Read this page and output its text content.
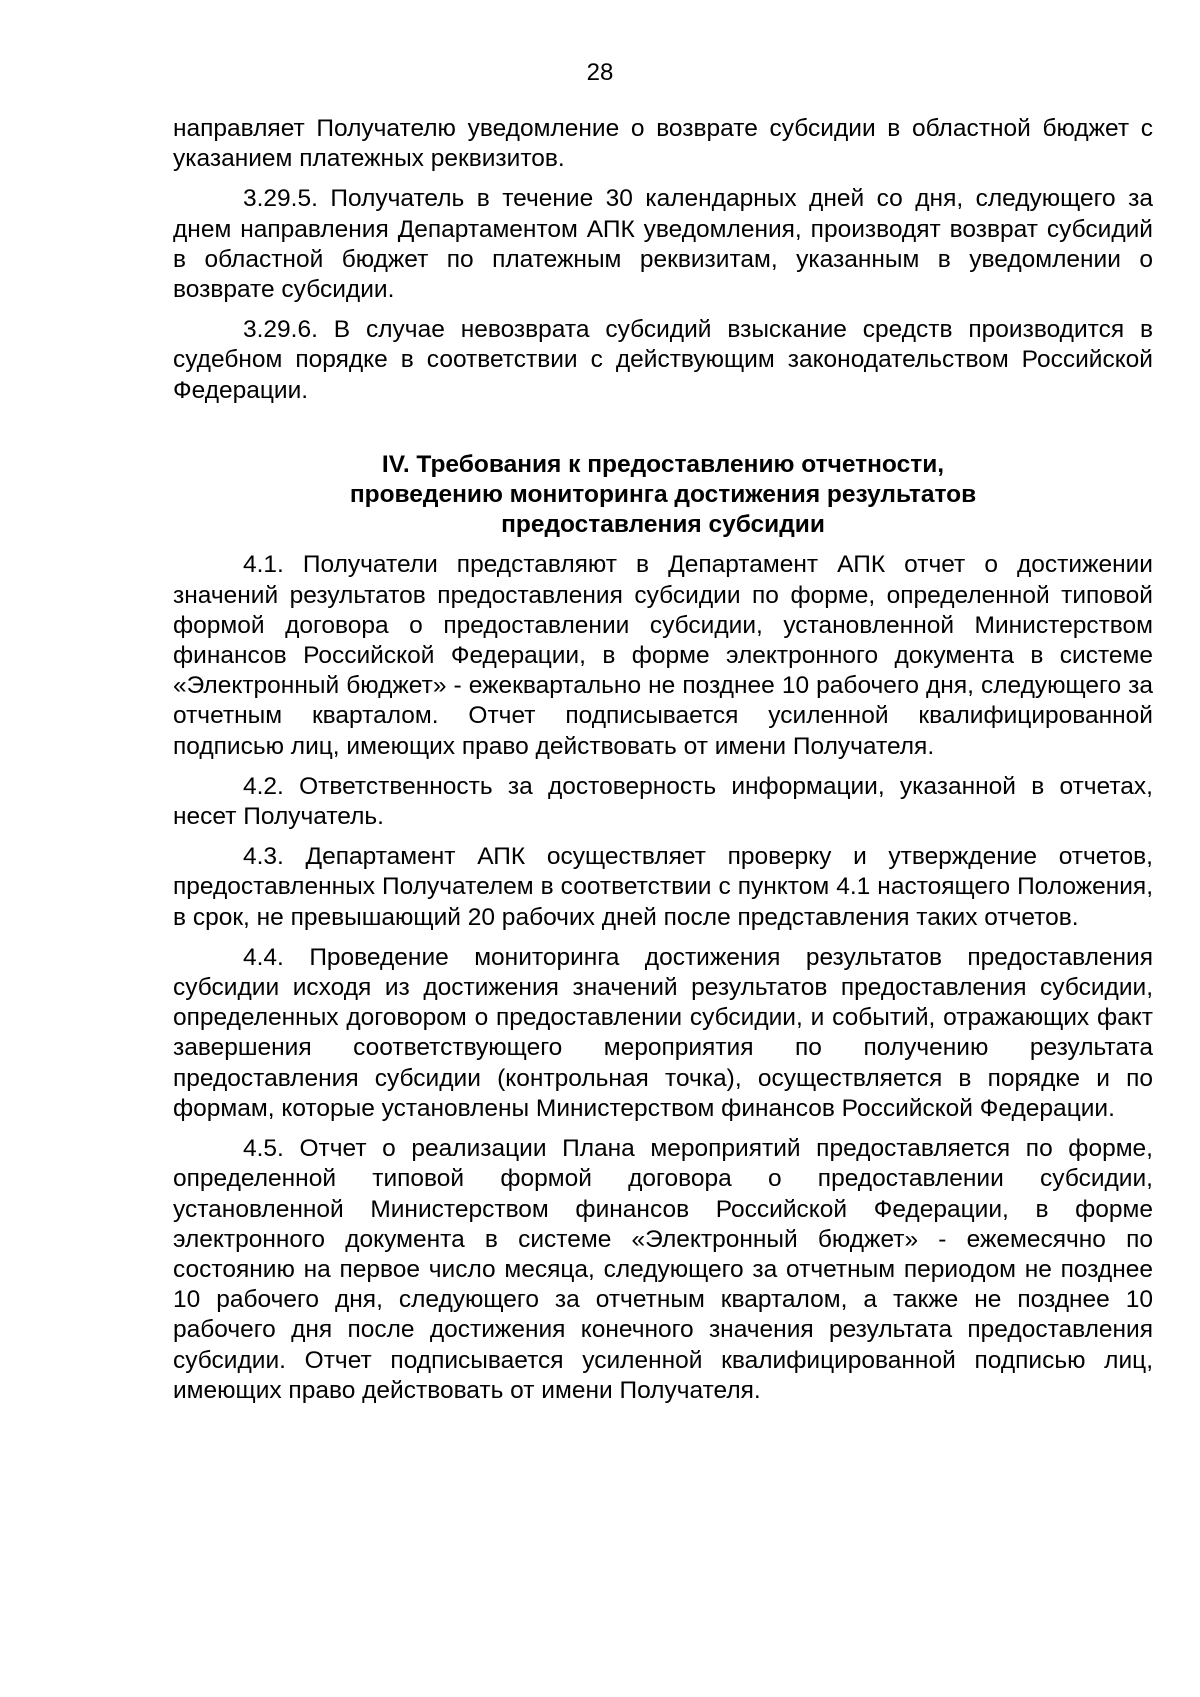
28

направляет Получателю уведомление о возврате субсидии в областной бюджет с указанием платежных реквизитов.

3.29.5. Получатель в течение 30 календарных дней со дня, следующего за днем направления Департаментом АПК уведомления, производят возврат субсидий в областной бюджет по платежным реквизитам, указанным в уведомлении о возврате субсидии.

3.29.6. В случае невозврата субсидий взыскание средств производится в судебном порядке в соответствии с действующим законодательством Российской Федерации.

IV. Требования к предоставлению отчетности,
проведению мониторинга достижения результатов
предоставления субсидии

4.1. Получатели представляют в Департамент АПК отчет о достижении значений результатов предоставления субсидии по форме, определенной типовой формой договора о предоставлении субсидии, установленной Министерством финансов Российской Федерации, в форме электронного документа в системе «Электронный бюджет» - ежеквартально не позднее 10 рабочего дня, следующего за отчетным кварталом. Отчет подписывается усиленной квалифицированной подписью лиц, имеющих право действовать от имени Получателя.

4.2. Ответственность за достоверность информации, указанной в отчетах, несет Получатель.

4.3. Департамент АПК осуществляет проверку и утверждение отчетов, предоставленных Получателем в соответствии с пунктом 4.1 настоящего Положения, в срок, не превышающий 20 рабочих дней после представления таких отчетов.

4.4. Проведение мониторинга достижения результатов предоставления субсидии исходя из достижения значений результатов предоставления субсидии, определенных договором о предоставлении субсидии, и событий, отражающих факт завершения соответствующего мероприятия по получению результата предоставления субсидии (контрольная точка), осуществляется в порядке и по формам, которые установлены Министерством финансов Российской Федерации.

4.5. Отчет о реализации Плана мероприятий предоставляется по форме, определенной типовой формой договора о предоставлении субсидии, установленной Министерством финансов Российской Федерации, в форме электронного документа в системе «Электронный бюджет» - ежемесячно по состоянию на первое число месяца, следующего за отчетным периодом не позднее 10 рабочего дня, следующего за отчетным кварталом, а также не позднее 10 рабочего дня после достижения конечного значения результата предоставления субсидии. Отчет подписывается усиленной квалифицированной подписью лиц, имеющих право действовать от имени Получателя.
